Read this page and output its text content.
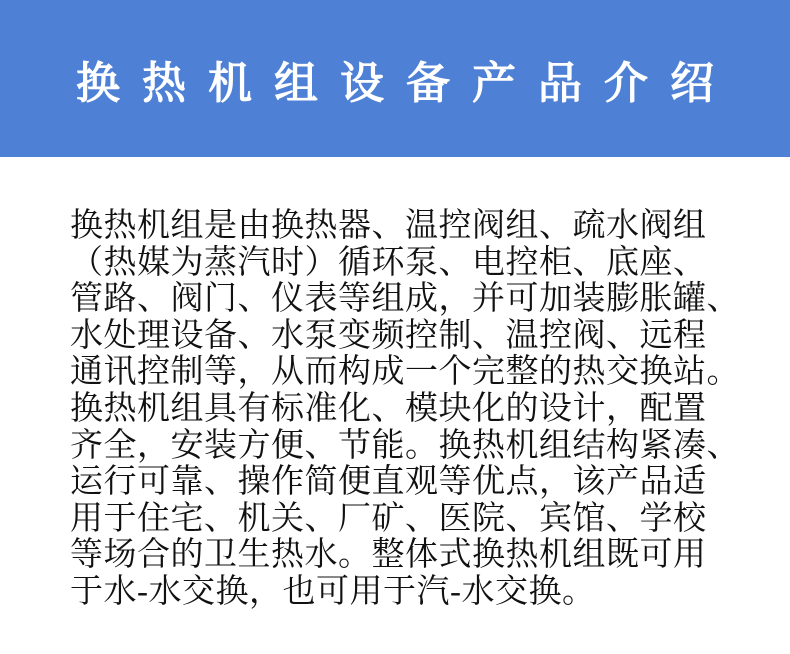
换热机组设备产品介绍
换热机组是由换热器、温控阀组、疏水阀组
（热媒为蒸汽时）循环泵、电控柜、底座、
管路、阀门、仪表等组成，并可加装膨胀罐、
水处理设备、水泵变频控制、温控阀、远程
通讯控制等，从而构成一个完整的热交换站。
换热机组具有标准化、模块化的设计，配置
齐全，安装方便、节能。换热机组结构紧凑、
运行可靠、操作简便直观等优点，该产品适
用于住宅、机关、厂矿、医院、宾馆、学校
等场合的卫生热水。整体式换热机组既可用
于水-水交换，也可用于汽-水交换。
